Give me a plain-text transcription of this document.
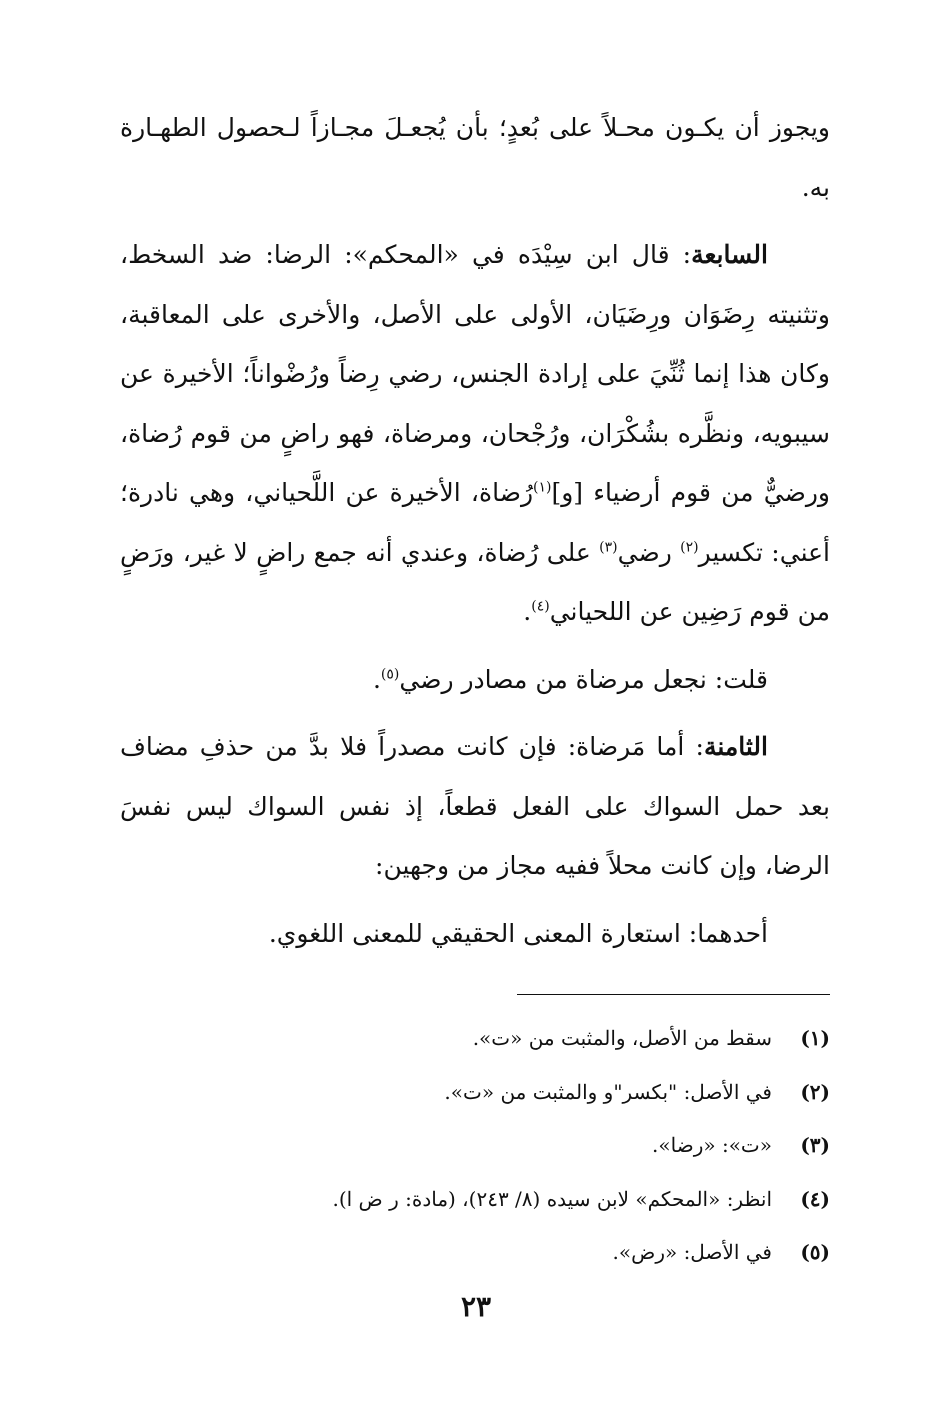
ويجوز أن يكـون محـلاً على بُعدٍ؛ بأن يُجعـلَ مجـازاً لـحصول الطهـارة به.

السابعة: قال ابن سِيْدَه في «المحكم»: الرضا: ضد السخط، وتثنيته رِضَوَان ورِضَيَان، الأولى على الأصل، والأخرى على المعاقبة، وكان هذا إنما ثُنِّيَ على إرادة الجنس، رضي رِضاً ورُضْواناً؛ الأخيرة عن سيبويه، ونظَّره بشُكْرَان، ورُجْحان، ومرضاة، فهو راضٍ من قوم رُضاة، ورضيٌّ من قوم أرضياء [و]$^{(١)}$رُضاة، الأخيرة عن اللَّحياني، وهي نادرة؛ أعني: تكسير$^{(٢)}$ رضي$^{(٣)}$ على رُضاة، وعندي أنه جمع راضٍ لا غير، ورَضٍ من قوم رَضِين عن اللحياني$^{(٤)}$.

قلت: نجعل مرضاة من مصادر رضي$^{(٥)}$.

الثامنة: أما مَرضاة: فإن كانت مصدراً فلا بدَّ من حذفِ مضاف بعد حمل السواك على الفعل قطعاً، إذ نفس السواك ليس نفسَ الرضا، وإن كانت محلاً ففيه مجاز من وجهين:

أحدهما: استعارة المعنى الحقيقي للمعنى اللغوي.

(١)
سقط من الأصل، والمثبت من «ت».
(٢)
في الأصل: "بكسر"و والمثبت من «ت».
(٣)
«ت»: «رضا».
(٤)
انظر: «المحكم» لابن سيده (٨/ ٢٤٣)، (مادة: ر ض ا).
(٥)
في الأصل: «رض».
٢٣
